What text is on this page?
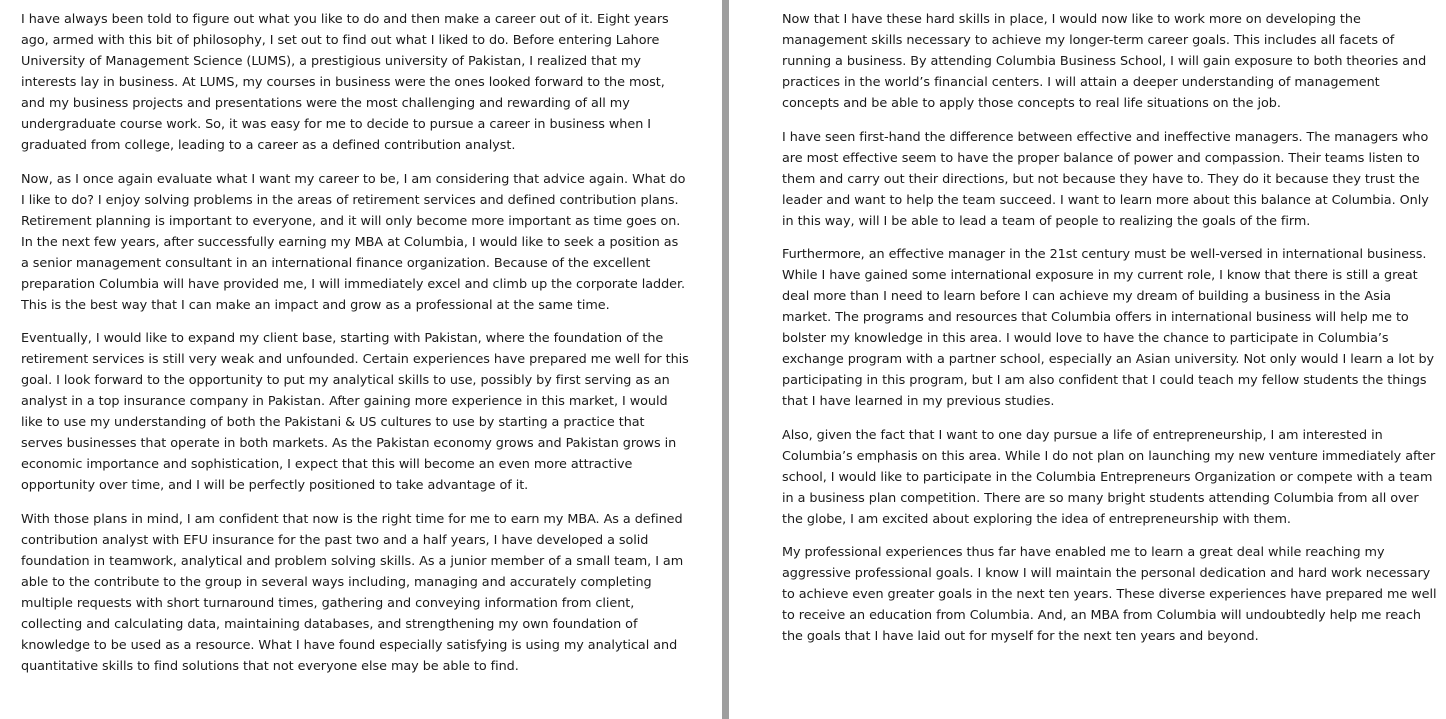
I have always been told to figure out what you like to do and then make a career out of it. Eight years ago, armed with this bit of philosophy, I set out to find out what I liked to do. Before entering Lahore University of Management Science (LUMS), a prestigious university of Pakistan, I realized that my interests lay in business. At LUMS, my courses in business were the ones looked forward to the most, and my business projects and presentations were the most challenging and rewarding of all my undergraduate course work. So, it was easy for me to decide to pursue a career in business when I graduated from college, leading to a career as a defined contribution analyst.

Now, as I once again evaluate what I want my career to be, I am considering that advice again. What do I like to do? I enjoy solving problems in the areas of retirement services and defined contribution plans. Retirement planning is important to everyone, and it will only become more important as time goes on. In the next few years, after successfully earning my MBA at Columbia, I would like to seek a position as a senior management consultant in an international finance organization. Because of the excellent preparation Columbia will have provided me, I will immediately excel and climb up the corporate ladder. This is the best way that I can make an impact and grow as a professional at the same time.

Eventually, I would like to expand my client base, starting with Pakistan, where the foundation of the retirement services is still very weak and unfounded. Certain experiences have prepared me well for this goal. I look forward to the opportunity to put my analytical skills to use, possibly by first serving as an analyst in a top insurance company in Pakistan. After gaining more experience in this market, I would like to use my understanding of both the Pakistani & US cultures to use by starting a practice that serves businesses that operate in both markets. As the Pakistan economy grows and Pakistan grows in economic importance and sophistication, I expect that this will become an even more attractive opportunity over time, and I will be perfectly positioned to take advantage of it.

With those plans in mind, I am confident that now is the right time for me to earn my MBA. As a defined contribution analyst with EFU insurance for the past two and a half years, I have developed a solid foundation in teamwork, analytical and problem solving skills. As a junior member of a small team, I am able to the contribute to the group in several ways including, managing and accurately completing multiple requests with short turnaround times, gathering and conveying information from client, collecting and calculating data, maintaining databases, and strengthening my own foundation of knowledge to be used as a resource. What I have found especially satisfying is using my analytical and quantitative skills to find solutions that not everyone else may be able to find.

Now that I have these hard skills in place, I would now like to work more on developing the management skills necessary to achieve my longer-term career goals. This includes all facets of running a business. By attending Columbia Business School, I will gain exposure to both theories and practices in the world’s financial centers. I will attain a deeper understanding of management concepts and be able to apply those concepts to real life situations on the job.

I have seen first-hand the difference between effective and ineffective managers. The managers who are most effective seem to have the proper balance of power and compassion. Their teams listen to them and carry out their directions, but not because they have to. They do it because they trust the leader and want to help the team succeed. I want to learn more about this balance at Columbia. Only in this way, will I be able to lead a team of people to realizing the goals of the firm.

Furthermore, an effective manager in the 21st century must be well-versed in international business. While I have gained some international exposure in my current role, I know that there is still a great deal more than I need to learn before I can achieve my dream of building a business in the Asia market. The programs and resources that Columbia offers in international business will help me to bolster my knowledge in this area. I would love to have the chance to participate in Columbia’s exchange program with a partner school, especially an Asian university. Not only would I learn a lot by participating in this program, but I am also confident that I could teach my fellow students the things that I have learned in my previous studies.

Also, given the fact that I want to one day pursue a life of entrepreneurship, I am interested in Columbia’s emphasis on this area. While I do not plan on launching my new venture immediately after school, I would like to participate in the Columbia Entrepreneurs Organization or compete with a team in a business plan competition. There are so many bright students attending Columbia from all over the globe, I am excited about exploring the idea of entrepreneurship with them.

My professional experiences thus far have enabled me to learn a great deal while reaching my aggressive professional goals. I know I will maintain the personal dedication and hard work necessary to achieve even greater goals in the next ten years. These diverse experiences have prepared me well to receive an education from Columbia. And, an MBA from Columbia will undoubtedly help me reach the goals that I have laid out for myself for the next ten years and beyond.
